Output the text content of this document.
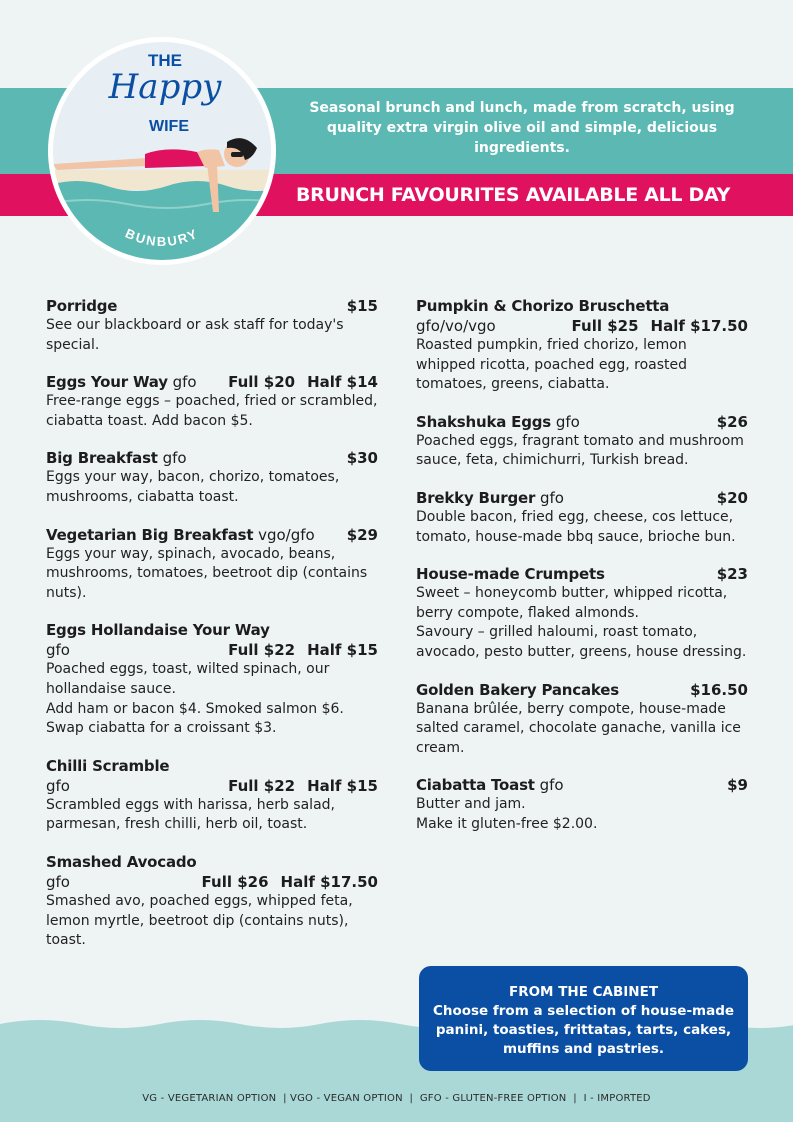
Seasonal brunch and lunch, made from scratch, using quality extra virgin olive oil and simple, delicious ingredients.
BRUNCH FAVOURITES AVAILABLE ALL DAY
THE
Happy
WIFE
BUNBURY
Porridge	$15
See our blackboard or ask staff for today's special.
Eggs Your Way gfo Full $20 Half $14
Free-range eggs – poached, fried or scrambled, ciabatta toast. Add bacon $5.
Big Breakfast gfo	$30
Eggs your way, bacon, chorizo, tomatoes, mushrooms, ciabatta toast.
Vegetarian Big Breakfast vgo/gfo $29
Eggs your way, spinach, avocado, beans, mushrooms, tomatoes, beetroot dip (contains nuts).
Eggs Hollandaise Your Way
gfo	Full $22 Half $15
Poached eggs, toast, wilted spinach, our hollandaise sauce.
Add ham or bacon $4. Smoked salmon $6.
Swap ciabatta for a croissant $3.
Chilli Scramble
gfo	Full $22 Half $15
Scrambled eggs with harissa, herb salad, parmesan, fresh chilli, herb oil, toast.
Smashed Avocado
gfo	Full $26 Half $17.50
Smashed avo, poached eggs, whipped feta, lemon myrtle, beetroot dip (contains nuts), toast.
Pumpkin & Chorizo Bruschetta
gfo/vo/vgo	Full $25 Half $17.50
Roasted pumpkin, fried chorizo, lemon whipped ricotta, poached egg, roasted tomatoes, greens, ciabatta.
Shakshuka Eggs gfo	$26
Poached eggs, fragrant tomato and mushroom sauce, feta, chimichurri, Turkish bread.
Brekky Burger gfo	$20
Double bacon, fried egg, cheese, cos lettuce, tomato, house-made bbq sauce, brioche bun.
House-made Crumpets	$23
Sweet – honeycomb butter, whipped ricotta, berry compote, flaked almonds.
Savoury – grilled haloumi, roast tomato, avocado, pesto butter, greens, house dressing.
Golden Bakery Pancakes	$16.50
Banana brûlée, berry compote, house-made salted caramel, chocolate ganache, vanilla ice cream.
Ciabatta Toast gfo	$9
Butter and jam.
Make it gluten-free $2.00.
FROM THE CABINET
Choose from a selection of house-made panini, toasties, frittatas, tarts, cakes, muffins and pastries.
VG - VEGETARIAN OPTION  | VGO - VEGAN OPTION  |  GFO - GLUTEN-FREE OPTION  |  I - IMPORTED
